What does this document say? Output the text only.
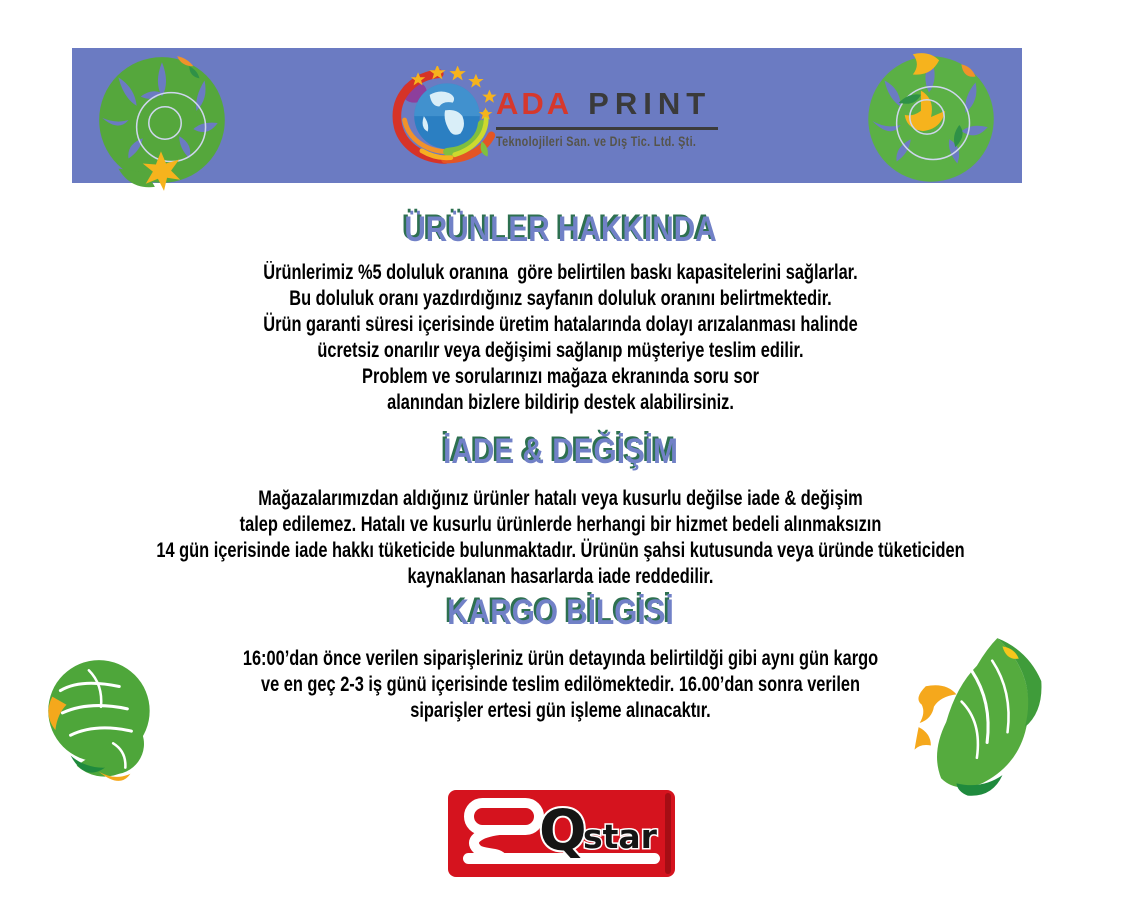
ADA PRINT
Teknolojileri San. ve Dış Tic. Ltd. Şti.
ÜRÜNLER HAKKINDA
Ürünlerimiz %5 doluluk oranına  göre belirtilen baskı kapasitelerini sağlarlar.
Bu doluluk oranı yazdırdığınız sayfanın doluluk oranını belirtmektedir.
Ürün garanti süresi içerisinde üretim hatalarında dolayı arızalanması halinde
ücretsiz onarılır veya değişimi sağlanıp müşteriye teslim edilir.
Problem ve sorularınızı mağaza ekranında soru sor
alanından bizlere bildirip destek alabilirsiniz.
İADE & DEĞİŞİM
Mağazalarımızdan aldığınız ürünler hatalı veya kusurlu değilse iade & değişim
talep edilemez. Hatalı ve kusurlu ürünlerde herhangi bir hizmet bedeli alınmaksızın
14 gün içerisinde iade hakkı tüketicide bulunmaktadır. Ürünün şahsi kutusunda veya üründe tüketiciden
kaynaklanan hasarlarda iade reddedilir.
KARGO BİLGİSİ
16:00’dan önce verilen siparişleriniz ürün detayında belirtildği gibi aynı gün kargo
ve en geç 2-3 iş günü içerisinde teslim edilömektedir. 16.00’dan sonra verilen
siparişler ertesi gün işleme alınacaktır.
Q
star
